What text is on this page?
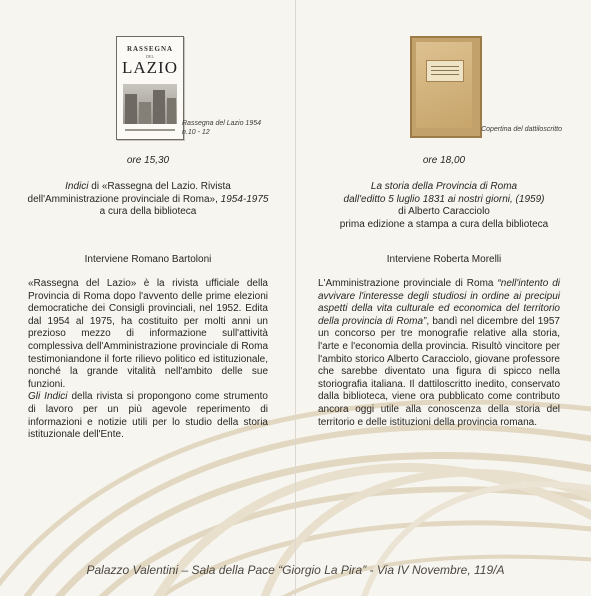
RASSEGNA
DEL
LAZIO
Rassegna del Lazio 1954
n.10 - 12	Copertina del dattiloscritto
ore 15,30
Indici di «Rassegna del Lazio. Rivista
dell'Amministrazione provinciale di Roma», 1954-1975
a cura della biblioteca
Interviene Romano Bartoloni

«Rassegna del Lazio» è la rivista ufficiale della Provincia di Roma dopo l'avvento delle prime elezioni democratiche dei Consigli provinciali, nel 1952. Edita dal 1954 al 1975, ha costituito per molti anni un prezioso mezzo di informazione sull'attività complessiva dell'Amministrazione provinciale di Roma testimoniandone il forte rilievo politico ed istituzionale, nonché la grande vitalità nell'ambito delle sue funzioni.

Gli Indici della rivista si propongono come strumento di lavoro per un più agevole reperimento di informazioni e notizie utili per lo studio della storia istituzionale dell'Ente.

ore 18,00
La storia della Provincia di Roma
dall'editto 5 luglio 1831 ai nostri giorni, (1959)
di Alberto Caracciolo
prima edizione a stampa a cura della biblioteca
Interviene Roberta Morelli

L'Amministrazione provinciale di Roma “nell'intento di avvivare l'interesse degli studiosi in ordine ai precipui aspetti della vita culturale ed economica del territorio della provincia di Roma”, bandì nel dicembre del 1957 un concorso per tre monografie relative alla storia, l'arte e l'economia della provincia. Risultò vincitore per l'ambito storico Alberto Caracciolo, giovane professore che sarebbe diventato una figura di spicco nella storiografia italiana. Il dattiloscritto inedito, conservato dalla biblioteca, viene ora pubblicato come contributo ancora oggi utile alla conoscenza della storia del territorio e delle istituzioni della provincia romana.

Palazzo Valentini – Sala della Pace “Giorgio La Pira” - Via IV Novembre, 119/A
